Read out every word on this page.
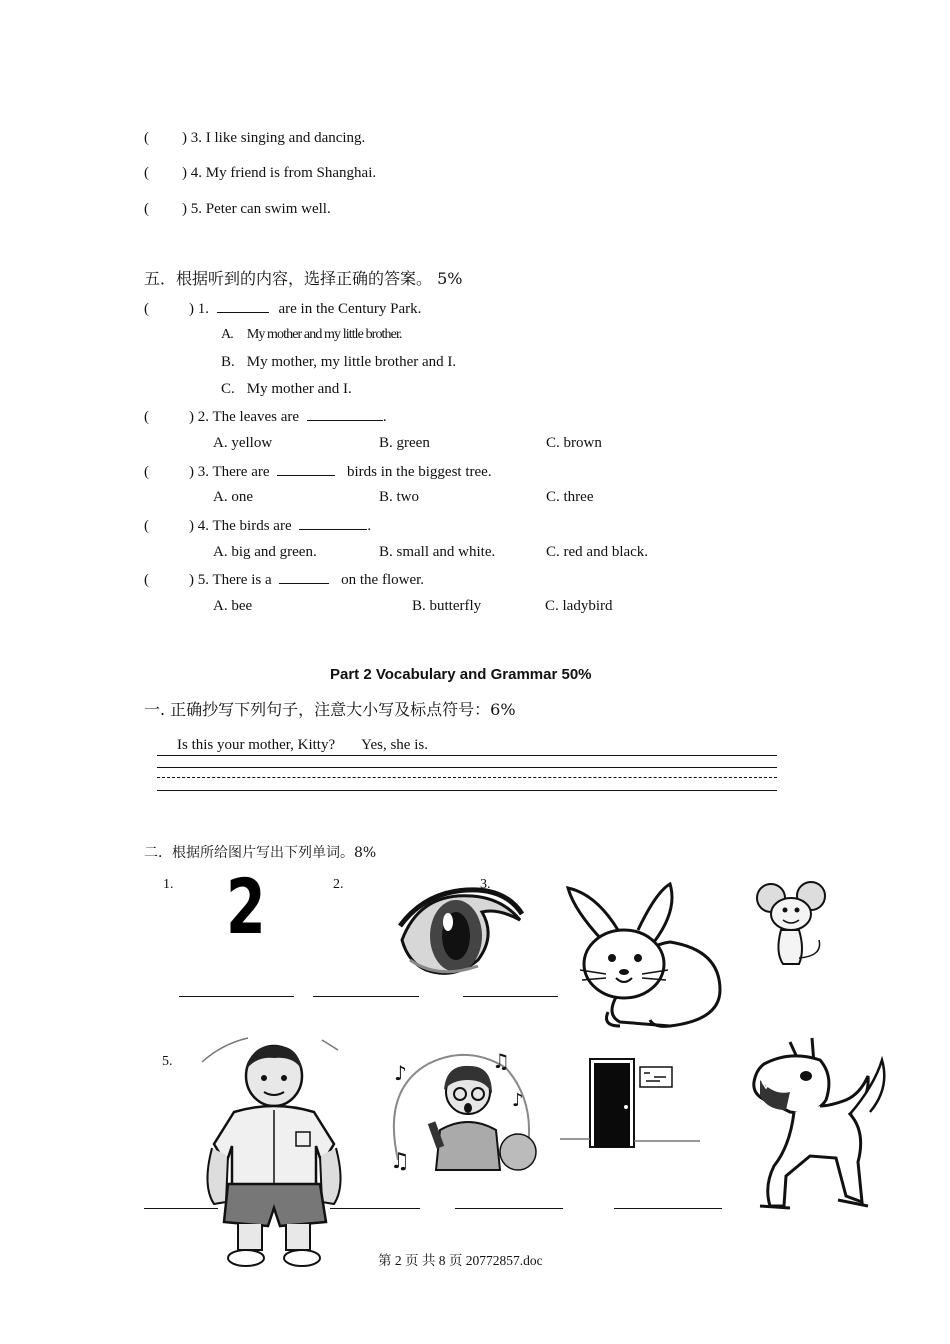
( ) 3. I like singing and dancing.
( ) 4. My friend is from Shanghai.
( ) 5. Peter can swim well.
五．根据听到的内容，选择正确的答案。 5%
(	) 1.	are in the Century Park.
A. My mother and my little brother.
B. My mother, my little brother and I.
C. My mother and I.
(	) 2. The leaves are	.
A. yellow	B. green	C. brown
(	) 3. There are	birds in the biggest tree.
A. one	B. two	C. three
(	) 4. The birds are	.
A. big and green.	B. small and white.	C. red and black.
(	) 5. There is a	on the flower.
A. bee	B. butterfly	C. ladybird
Part 2 Vocabulary and Grammar 50%
一. 正确抄写下列句子，注意大小写及标点符号：6%
Is this your mother, Kitty? Yes, she is.
二．根据所给图片写出下列单词。8%
1.	2.	3.
5.
2
♪	♫
♪
♫
第 2 页 共 8 页 20772857.doc
